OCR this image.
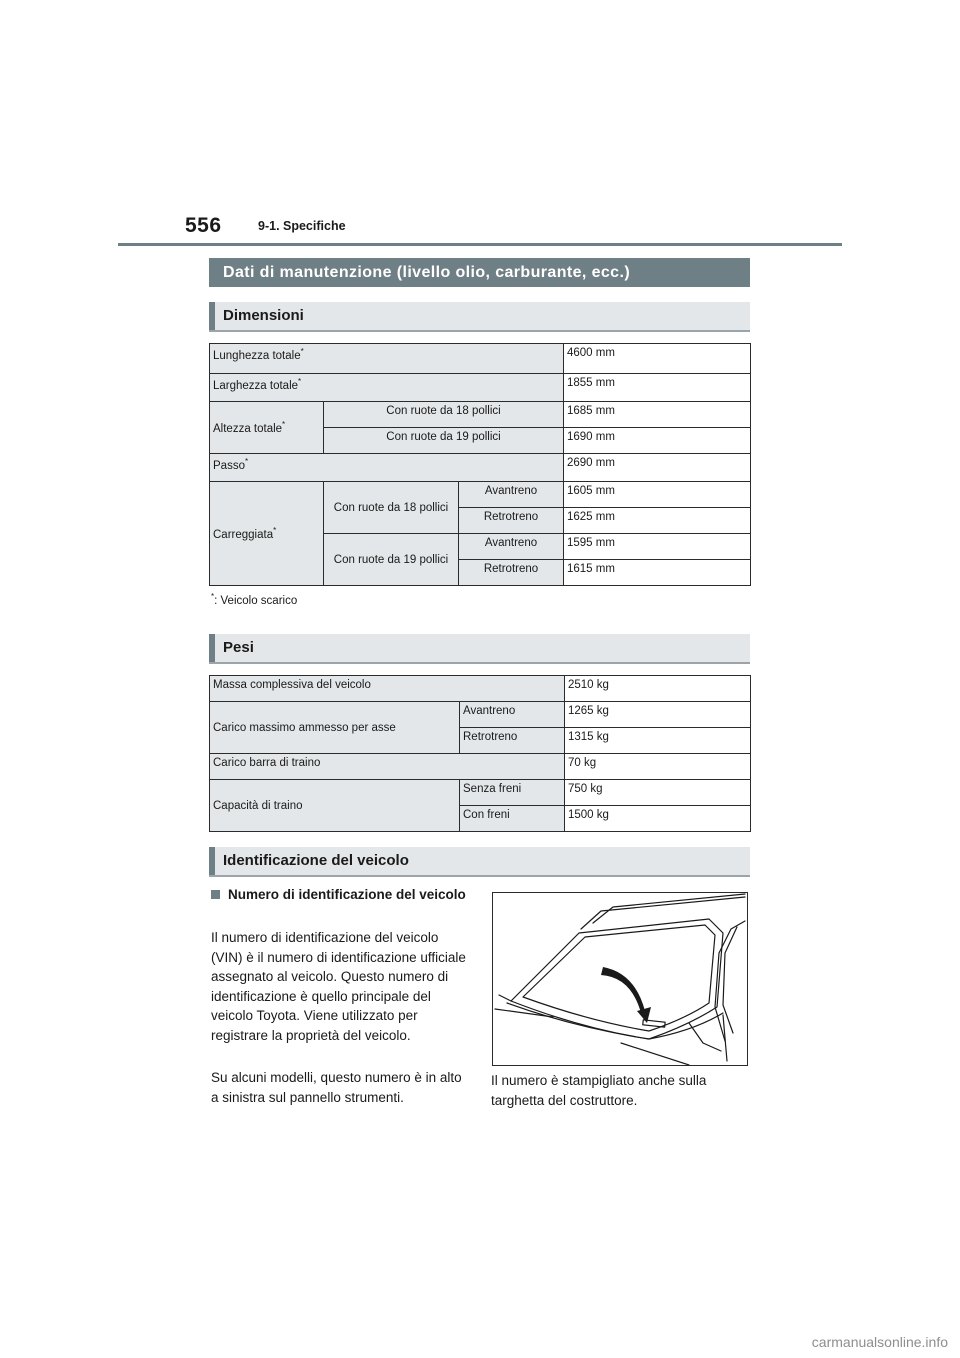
556	9-1. Specifiche
Dati di manutenzione (livello olio, carburante, ecc.)
Dimensioni
Lunghezza totale*			4600 mm
Larghezza totale*			1855 mm
Altezza totale*	Con ruote da 18 pollici		1685 mm
	Con ruote da 19 pollici		1690 mm
Passo*			2690 mm
Carreggiata*	Con ruote da 18 pollici	Avantreno	1605 mm
		Retrotreno	1625 mm
	Con ruote da 19 pollici	Avantreno	1595 mm
		Retrotreno	1615 mm
*: Veicolo scarico
Pesi
Massa complessiva del veicolo		2510 kg
Carico massimo ammesso per asse	Avantreno	1265 kg
	Retrotreno	1315 kg
Carico barra di traino		70 kg
Capacità di traino	Senza freni	750 kg
	Con freni	1500 kg
Identificazione del veicolo
Numero di identificazione del veicolo
Il numero di identificazione del veicolo (VIN) è il numero di identificazione ufficiale assegnato al veicolo. Questo numero di identificazione è quello principale del veicolo Toyota. Viene utilizzato per registrare la proprietà del veicolo.
Su alcuni modelli, questo numero è in alto a sinistra sul pannello strumenti.
Il numero è stampigliato anche sulla targhetta del costruttore.
carmanualsonline.info
